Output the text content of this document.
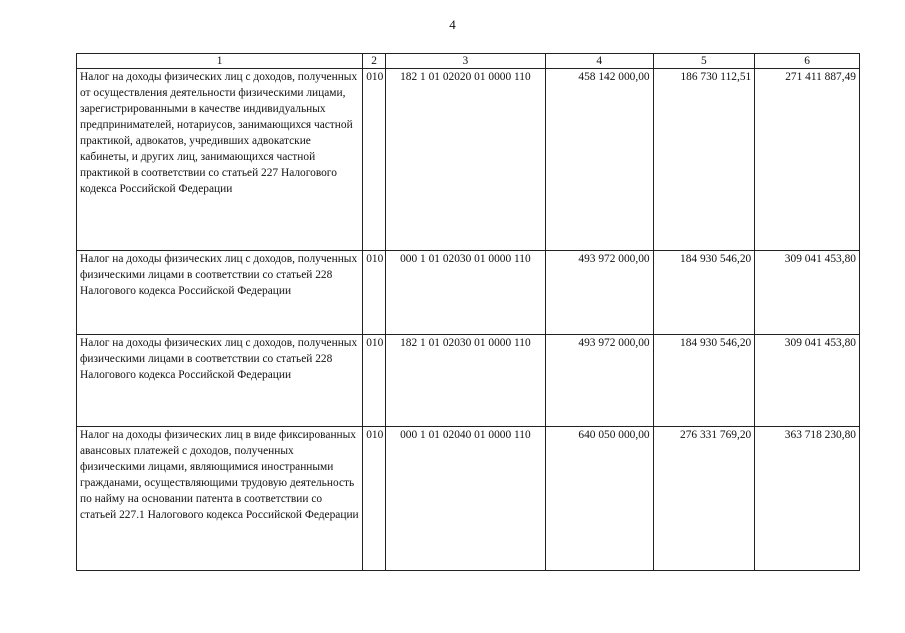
4
1	2	3	4	5	6
Налог на доходы физических лиц с доходов, полученных от осуществления деятельности физическими лицами, зарегистрированными в качестве индивидуальных предпринимателей, нотариусов, занимающихся частной практикой, адвокатов, учредивших адвокатские кабинеты, и других лиц, занимающихся частной практикой в соответствии со статьей 227 Налогового кодекса Российской Федерации	010	182 1 01 02020 01 0000 110	458 142 000,00	186 730 112,51	271 411 887,49
Налог на доходы физических лиц с доходов, полученных физическими лицами в соответствии со статьей 228 Налогового кодекса Российской Федерации	010	000 1 01 02030 01 0000 110	493 972 000,00	184 930 546,20	309 041 453,80
Налог на доходы физических лиц с доходов, полученных физическими лицами в соответствии со статьей 228 Налогового кодекса Российской Федерации	010	182 1 01 02030 01 0000 110	493 972 000,00	184 930 546,20	309 041 453,80
Налог на доходы физических лиц в виде фиксированных авансовых платежей с доходов, полученных физическими лицами, являющимися иностранными гражданами, осуществляющими трудовую деятельность по найму на основании патента в соответствии со статьей 227.1 Налогового кодекса Российской Федерации	010	000 1 01 02040 01 0000 110	640 050 000,00	276 331 769,20	363 718 230,80
